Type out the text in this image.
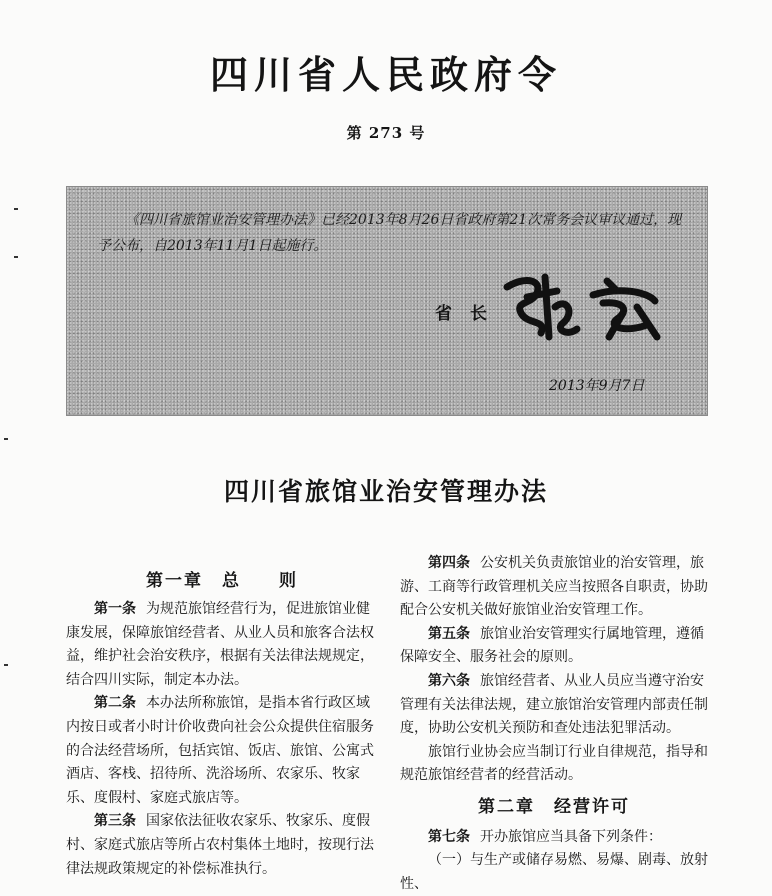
四川省人民政府令
第 273 号
《四川省旅馆业治安管理办法》已经2013年8月26日省政府第21次常务会议审议通过，现予公布，自2013年11月1日起施行。
省长
2013年9月7日
四川省旅馆业治安管理办法
第一章　总　　则

第一条 为规范旅馆经营行为，促进旅馆业健康发展，保障旅馆经营者、从业人员和旅客合法权益，维护社会治安秩序，根据有关法律法规规定，结合四川实际，制定本办法。

第二条 本办法所称旅馆，是指本省行政区域内按日或者小时计价收费向社会公众提供住宿服务的合法经营场所，包括宾馆、饭店、旅馆、公寓式酒店、客栈、招待所、洗浴场所、农家乐、牧家乐、度假村、家庭式旅店等。

第三条 国家依法征收农家乐、牧家乐、度假村、家庭式旅店等所占农村集体土地时，按现行法律法规政策规定的补偿标准执行。

第四条 公安机关负责旅馆业的治安管理，旅游、工商等行政管理机关应当按照各自职责，协助配合公安机关做好旅馆业治安管理工作。

第五条 旅馆业治安管理实行属地管理，遵循保障安全、服务社会的原则。

第六条 旅馆经营者、从业人员应当遵守治安管理有关法律法规，建立旅馆治安管理内部责任制度，协助公安机关预防和查处违法犯罪活动。

旅馆行业协会应当制订行业自律规范，指导和规范旅馆经营者的经营活动。

第二章　经营许可

第七条 开办旅馆应当具备下列条件：

（一）与生产或储存易燃、易爆、剧毒、放射性、
